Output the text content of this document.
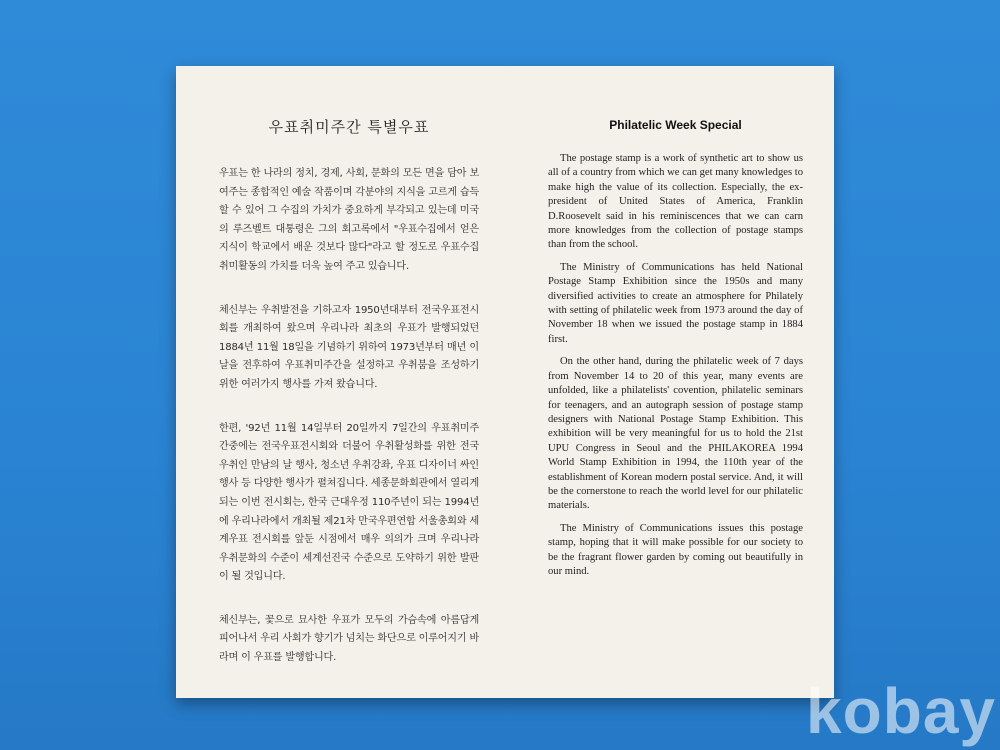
우표취미주간 특별우표

우표는 한 나라의 정치, 경제, 사회, 문화의 모든 면을 담아 보여주는 종합적인 예술 작품이며 각분야의 지식을 고르게 습득할 수 있어 그 수집의 가치가 중요하게 부각되고 있는데 미국의 루즈벨트 대통령은 그의 회고록에서 "우표수집에서 얻은 지식이 학교에서 배운 것보다 많다"라고 할 정도로 우표수집 취미활동의 가치를 더욱 높여 주고 있습니다.

체신부는 우취발전을 기하고자 1950년대부터 전국우표전시회를 개최하여 왔으며 우리나라 최초의 우표가 발행되었던 1884년 11월 18일을 기념하기 위하여 1973년부터 매년 이 날을 전후하여 우표취미주간을 설정하고 우취붐을 조성하기 위한 여러가지 행사를 가져 왔습니다.

한편, '92년 11월 14일부터 20일까지 7일간의 우표취미주간중에는 전국우표전시회와 더불어 우취활성화를 위한 전국 우취인 만남의 날 행사, 청소년 우취강좌, 우표 디자이너 싸인 행사 등 다양한 행사가 펼쳐집니다. 세종문화회관에서 열리게 되는 이번 전시회는, 한국 근대우정 110주년이 되는 1994년에 우리나라에서 개최될 제21차 만국우편연합 서울총회와 세계우표 전시회를 앞둔 시점에서 매우 의의가 크며 우리나라 우취문화의 수준이 세계선진국 수준으로 도약하기 위한 발판이 될 것입니다.

체신부는, 꽃으로 묘사한 우표가 모두의 가슴속에 아름답게 피어나서 우리 사회가 향기가 넘치는 화단으로 이루어지기 바라며 이 우표를 발행합니다.

Philatelic Week Special

The postage stamp is a work of synthetic art to show us all of a country from which we can get many knowledges to make high the value of its collection. Especially, the ex-president of United States of America, Franklin D.Roosevelt said in his reminiscences that we can carn more knowledges from the collection of postage stamps than from the school.

The Ministry of Communications has held National Postage Stamp Exhibition since the 1950s and many diversified activities to create an atmosphere for Philately with setting of philatelic week from 1973 around the day of November 18 when we issued the postage stamp in 1884 first.

On the other hand, during the philatelic week of 7 days from November 14 to 20 of this year, many events are unfolded, like a philatelists' covention, philatelic seminars for teenagers, and an autograph session of postage stamp designers with National Postage Stamp Exhibition. This exhibition will be very meaningful for us to hold the 21st UPU Congress in Seoul and the PHILAKOREA 1994 World Stamp Exhibition in 1994, the 110th year of the establishment of Korean modern postal service. And, it will be the cornerstone to reach the world level for our philatelic materials.

The Ministry of Communications issues this postage stamp, hoping that it will make possible for our society to be the fragrant flower garden by coming out beautifully in our mind.

kobay
